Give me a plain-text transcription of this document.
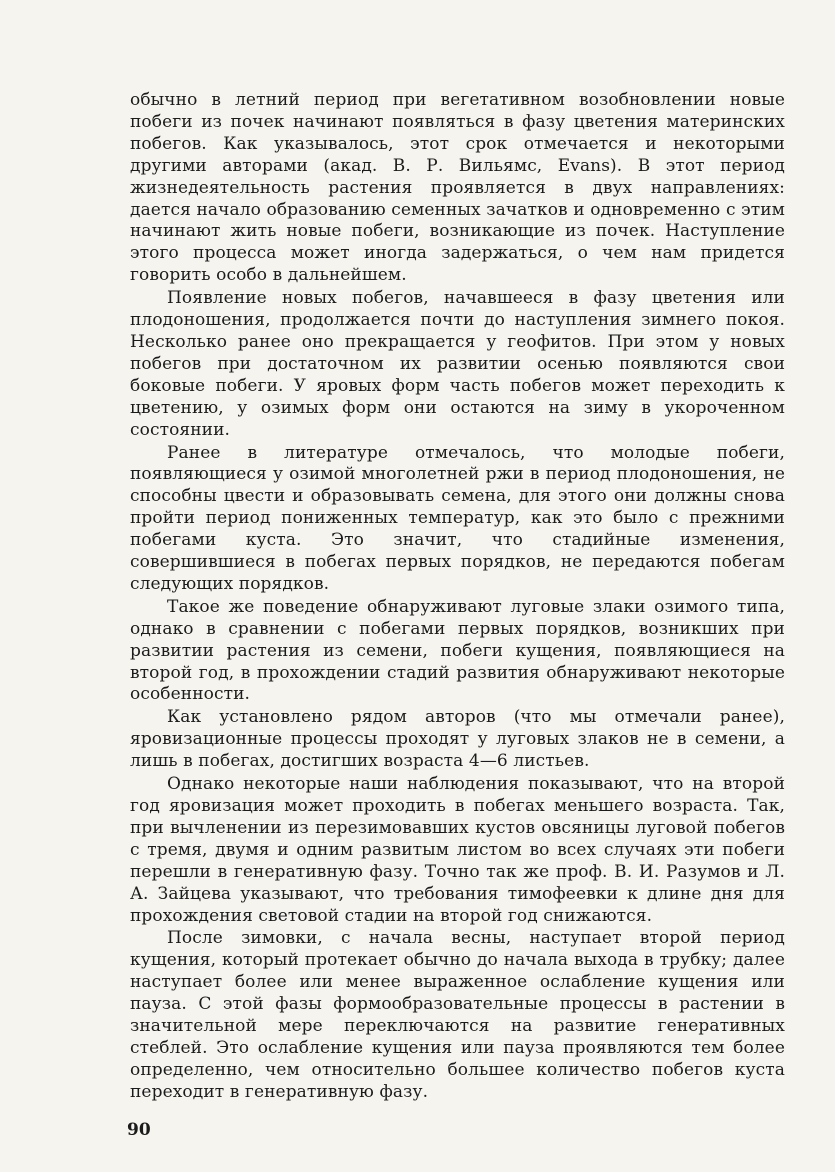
обычно в летний период при вегетативном возобновлении новые побеги из почек начинают появляться в фазу цветения материнских побегов. Как указывалось, этот срок отмечается и некоторыми другими авторами (акад. В. Р. Вильямс, Evans). В этот период жизнедеятельность растения проявляется в двух направлениях: дается начало образованию семенных зачатков и одновременно с этим начинают жить новые побеги, возникающие из почек. Наступление этого процесса может иногда задержаться, о чем нам придется говорить особо в дальнейшем.

Появление новых побегов, начавшееся в фазу цветения или плодоношения, продолжается почти до наступления зимнего покоя. Несколько ранее оно прекращается у геофитов. При этом у новых побегов при достаточном их развитии осенью появляются свои боковые побеги. У яровых форм часть побегов может переходить к цветению, у озимых форм они остаются на зиму в укороченном состоянии.

Ранее в литературе отмечалось, что молодые побеги, появляющиеся у озимой многолетней ржи в период плодоношения, не способны цвести и образовывать семена, для этого они должны снова пройти период пониженных температур, как это было с прежними побегами куста. Это значит, что стадийные изменения, совершившиеся в побегах первых порядков, не передаются побегам следующих порядков.

Такое же поведение обнаруживают луговые злаки озимого типа, однако в сравнении с побегами первых порядков, возникших при развитии растения из семени, побеги кущения, появляющиеся на второй год, в прохождении стадий развития обнаруживают некоторые особенности.

Как установлено рядом авторов (что мы отмечали ранее), яровизационные процессы проходят у луговых злаков не в семени, а лишь в побегах, достигших возраста 4—6 листьев.

Однако некоторые наши наблюдения показывают, что на второй год яровизация может проходить в побегах меньшего возраста. Так, при вычленении из перезимовавших кустов овсяницы луговой побегов с тремя, двумя и одним развитым листом во всех случаях эти побеги перешли в генеративную фазу. Точно так же проф. В. И. Разумов и Л. А. Зайцева указывают, что требования тимофеевки к длине дня для прохождения световой стадии на второй год снижаются.

После зимовки, с начала весны, наступает второй период кущения, который протекает обычно до начала выхода в трубку; далее наступает более или менее выраженное ослабление кущения или пауза. С этой фазы формообразовательные процессы в растении в значительной мере переключаются на развитие генеративных стеблей. Это ослабление кущения или пауза проявляются тем более определенно, чем относительно большее количество побегов куста переходит в генеративную фазу.

90
